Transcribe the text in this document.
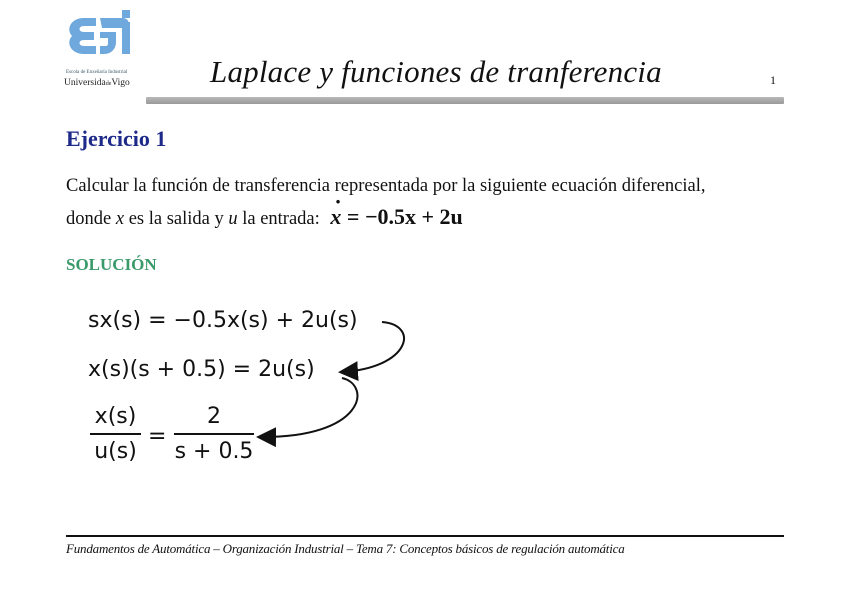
Escola de Enxeñaría Industrial
UniversidadeVigo	Laplace y funciones de tranferencia	1
Ejercicio 1
Calcular la función de transferencia representada por la siguiente ecuación diferencial,
donde x es la salida y u la entrada: · x = −0.5x + 2u
SOLUCIÓN
sx(s) = −0.5x(s) + 2u(s)
x(s)(s + 0.5) = 2u(s)
x(s)
u(s)
=
2
s + 0.5
Fundamentos de Automática – Organización Industrial – Tema 7: Conceptos básicos de regulación automática
